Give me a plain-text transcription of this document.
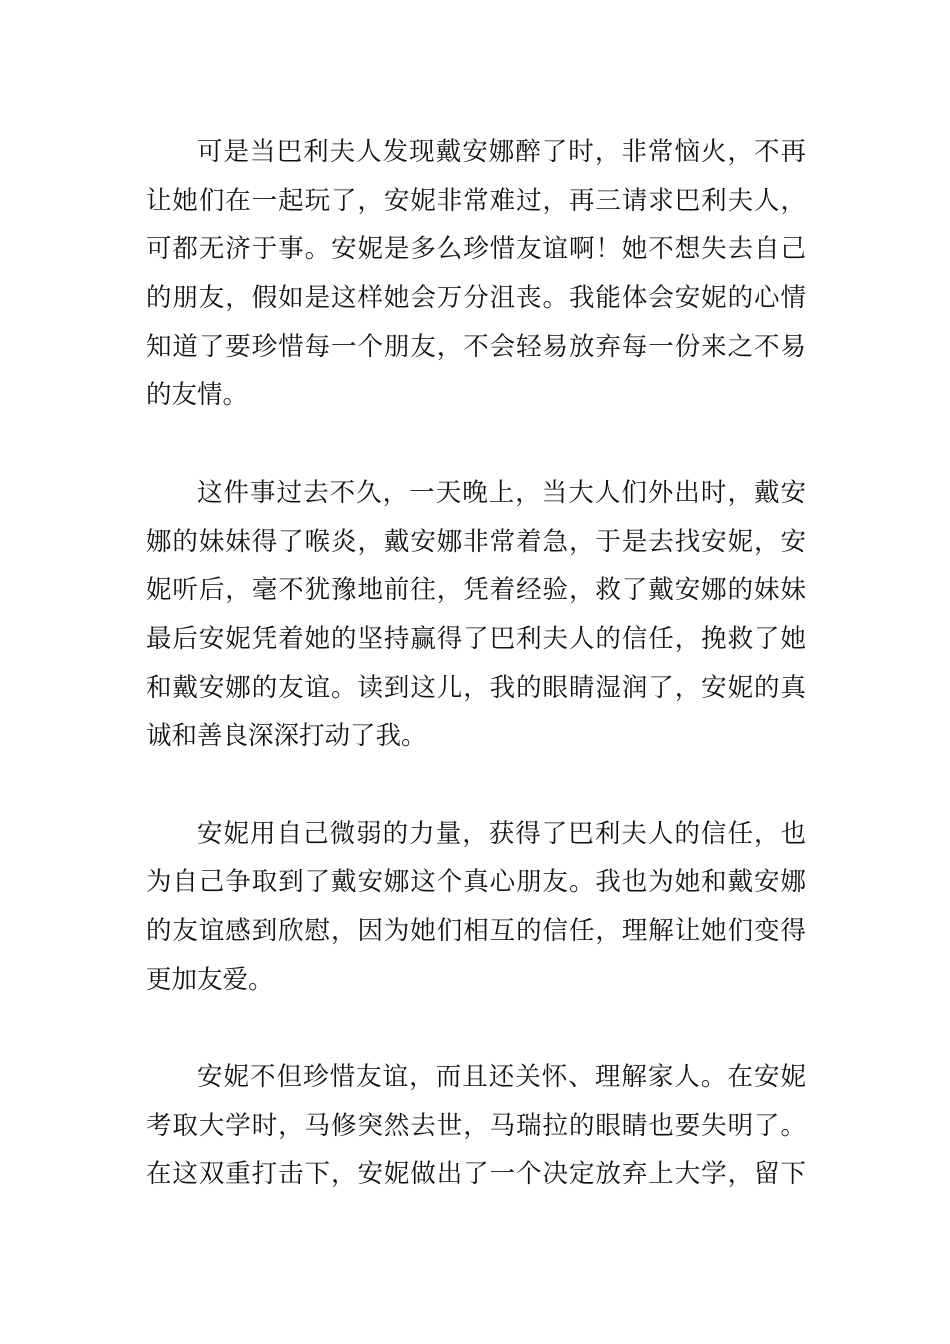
可是当巴利夫人发现戴安娜醉了时，非常恼火，不再
让她们在一起玩了，安妮非常难过，再三请求巴利夫人，
可都无济于事。安妮是多么珍惜友谊啊！她不想失去自己
的朋友，假如是这样她会万分沮丧。我能体会安妮的心情
知道了要珍惜每一个朋友，不会轻易放弃每一份来之不易
的友情。
这件事过去不久，一天晚上，当大人们外出时，戴安
娜的妹妹得了喉炎，戴安娜非常着急，于是去找安妮，安
妮听后，毫不犹豫地前往，凭着经验，救了戴安娜的妹妹
最后安妮凭着她的坚持赢得了巴利夫人的信任，挽救了她
和戴安娜的友谊。读到这儿，我的眼睛湿润了，安妮的真
诚和善良深深打动了我。
安妮用自己微弱的力量，获得了巴利夫人的信任，也
为自己争取到了戴安娜这个真心朋友。我也为她和戴安娜
的友谊感到欣慰，因为她们相互的信任，理解让她们变得
更加友爱。
安妮不但珍惜友谊，而且还关怀、理解家人。在安妮
考取大学时，马修突然去世，马瑞拉的眼睛也要失明了。
在这双重打击下，安妮做出了一个决定放弃上大学，留下
